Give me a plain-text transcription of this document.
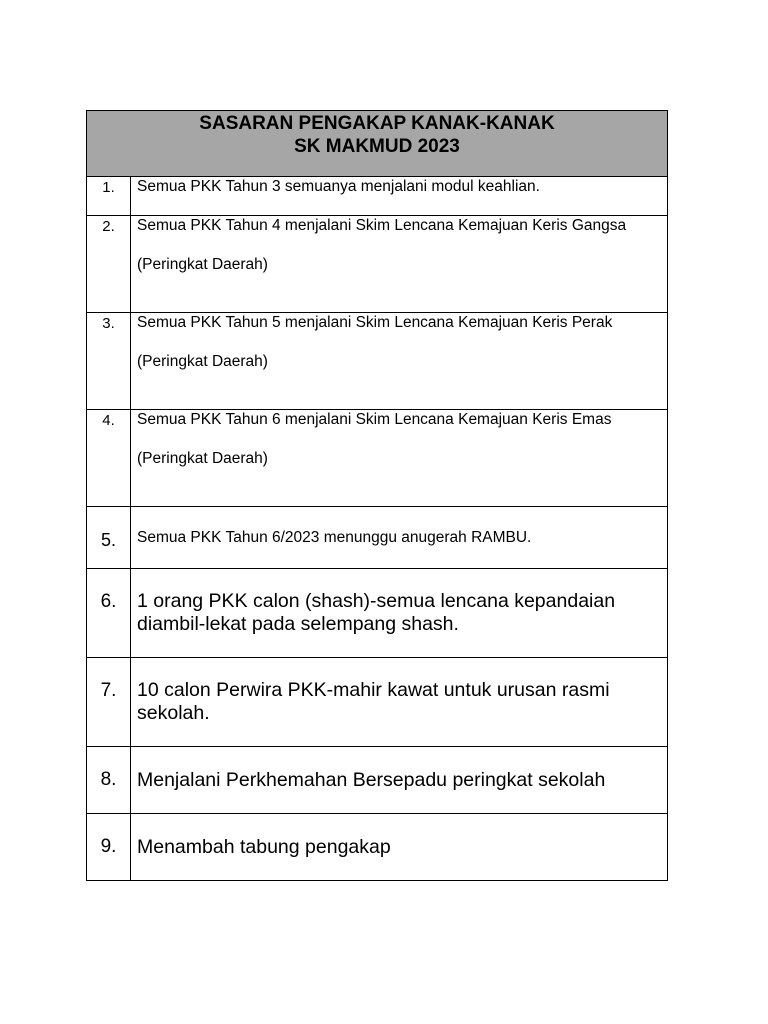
SASARAN PENGAKAP KANAK-KANAK
SK MAKMUD 2023	

1.	Semua PKK Tahun 3 semuanya menjalani modul keahlian.

2.	Semua PKK Tahun 4 menjalani Skim Lencana Kemajuan Keris Gangsa
(Peringkat Daerah)

3.	Semua PKK Tahun 5 menjalani Skim Lencana Kemajuan Keris Perak
(Peringkat Daerah)

4.	Semua PKK Tahun 6 menjalani Skim Lencana Kemajuan Keris Emas
(Peringkat Daerah)

5.	Semua PKK Tahun 6/2023 menunggu anugerah RAMBU.

6.	1 orang PKK calon (shash)-semua lencana kepandaian diambil-lekat pada selempang shash.

7.	10 calon Perwira PKK-mahir kawat untuk urusan rasmi sekolah.

8.	Menjalani Perkhemahan Bersepadu peringkat sekolah

9.	Menambah tabung pengakap
